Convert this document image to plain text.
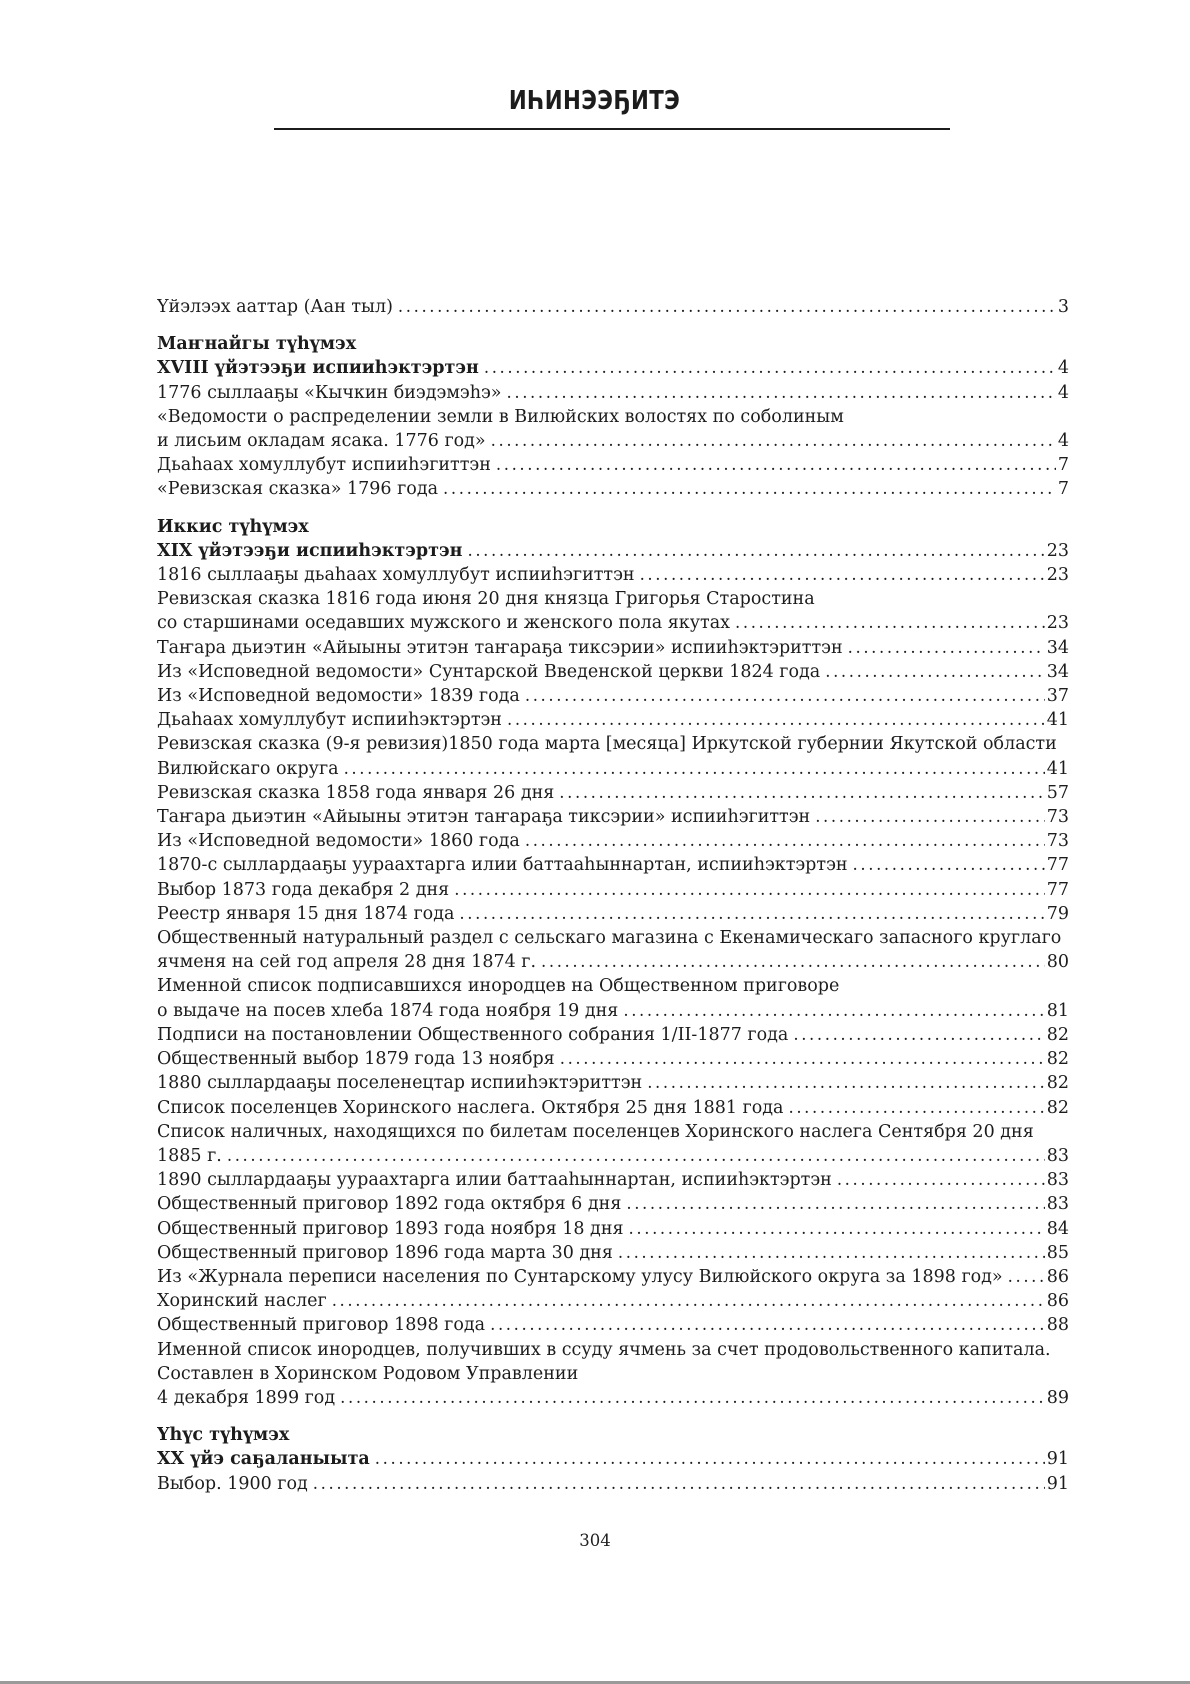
ИҺИНЭЭҔИТЭ
Үйэлээх ааттар (Аан тыл) .....	3
Маҥнайгы түһүмэх
XVIII үйэтээҕи испииһэктэртэн .....	4
1776 сыллааҕы «Кычкин биэдэмэһэ» .....	4
«Ведомости о распределении земли в Вилюйских волостях по соболиным
и лисьим окладам ясака. 1776 год» .....	4
Дьаһаах хомуллубут испииһэгиттэн .....	7
«Ревизская сказка» 1796 года .....	7
Иккис түһүмэх
XIX үйэтээҕи испииһэктэртэн .....	23
1816 сыллааҕы дьаһаах хомуллубут испииһэгиттэн .....	23
Ревизская сказка 1816 года июня 20 дня князца Григорья Старостина
со старшинами оседавших мужского и женского пола якутах .....	23
Таҥара дьиэтин «Айыыны этитэн таҥараҕа тиксэрии» испииһэктэриттэн .....	34
Из «Исповедной ведомости» Сунтарской Введенской церкви 1824 года .....	34
Из «Исповедной ведомости» 1839 года .....	37
Дьаһаах хомуллубут испииһэктэртэн .....	41
Ревизская сказка (9-я ревизия)1850 года марта [месяца] Иркутской губернии Якутской области
Вилюйскаго округа .....	41
Ревизская сказка 1858 года января 26 дня .....	57
Таҥара дьиэтин «Айыыны этитэн таҥараҕа тиксэрии» испииһэгиттэн .....	73
Из «Исповедной ведомости» 1860 года .....	73
1870-с сыллардааҕы уураахтарга илии баттааһыннартан, испииһэктэртэн .....	77
Выбор 1873 года декабря 2 дня .....	77
Реестр января 15 дня 1874 года .....	79
Общественный натуральный раздел с сельскаго магазина с Екенамическаго запасного круглаго
ячменя на сей год апреля 28 дня 1874 г. .....	80
Именной список подписавшихся инородцев на Общественном приговоре
о выдаче на посев хлеба 1874 года ноября 19 дня .....	81
Подписи на постановлении Общественного собрания 1/II-1877 года .....	82
Общественный выбор 1879 года 13 ноября .....	82
1880 сыллардааҕы поселенецтар испииһэктэриттэн .....	82
Список поселенцев Хоринского наслега. Октября 25 дня 1881 года .....	82
Список наличных, находящихся по билетам поселенцев Хоринского наслега Сентября 20 дня
1885 г. .....	83
1890 сыллардааҕы уураахтарга илии баттааһыннартан, испииһэктэртэн .....	83
Общественный приговор 1892 года октября 6 дня .....	83
Общественный приговор 1893 года ноября 18 дня .....	84
Общественный приговор 1896 года марта 30 дня .....	85
Из «Журнала переписи населения по Сунтарскому улусу Вилюйского округа за 1898 год» .....	86
Хоринский наслег .....	86
Общественный приговор 1898 года .....	88
Именной список инородцев, получивших в ссуду ячмень за счет продовольственного капитала.
Составлен в Хоринском Родовом Управлении
4 декабря 1899 год .....	89
Үһүс түһүмэх
XX үйэ саҕаланыыта .....	91
Выбор. 1900 год .....	91
304
